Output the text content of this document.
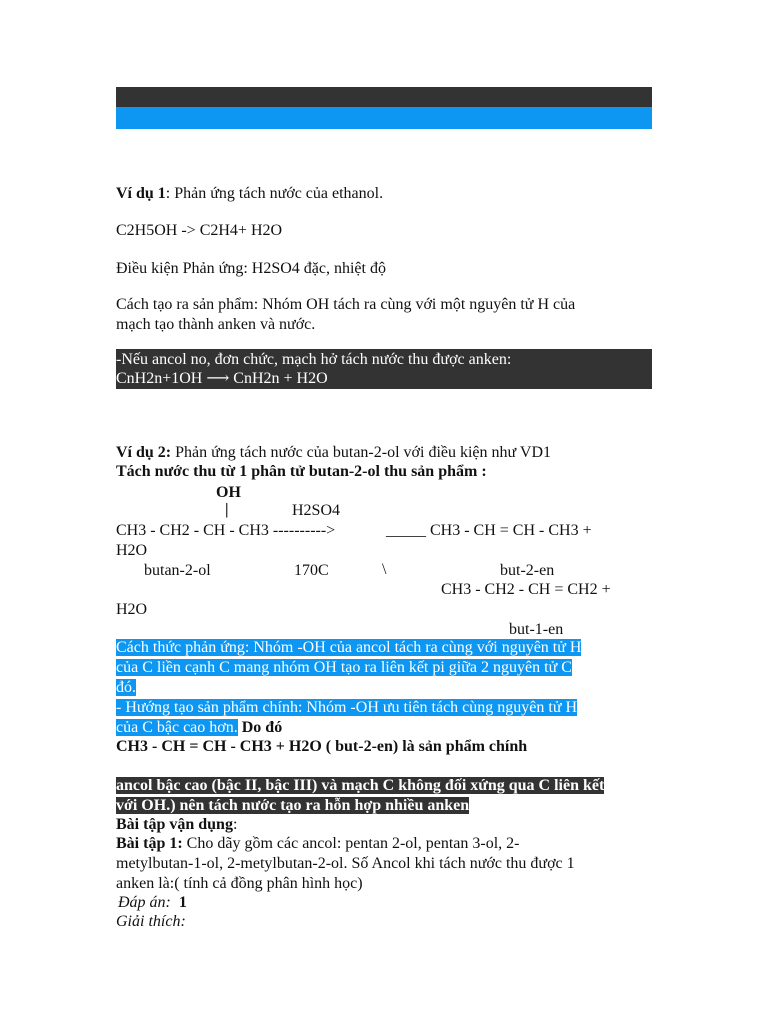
Ví dụ 1: Phản ứng tách nước của ethanol.
C2H5OH -> C2H4+ H2O
Điều kiện Phản ứng: H2SO4 đặc, nhiệt độ
Cách tạo ra sản phẩm: Nhóm OH tách ra cùng với một nguyên tử H của
mạch tạo thành anken và nước.
-Nếu ancol no, đơn chức, mạch hở tách nước thu được anken:
CnH2n+1OH ⟶ CnH2n + H2O
Ví dụ 2: Phản ứng tách nước của butan-2-ol với điều kiện như VD1
Tách nước thu từ 1 phân tử butan-2-ol thu sản phẩm :
OH
|	H2SO4
CH3 - CH2 - CH - CH3 ---------->	_____ CH3 - CH = CH - CH3 +
H2O
butan-2-ol	170C	\	but-2-en
CH3 - CH2 - CH = CH2 +
H2O
but-1-en
Cách thức phản ứng: Nhóm -OH của ancol tách ra cùng với nguyên tử H
của C liền cạnh C mang nhóm OH tạo ra liên kết pi giữa 2 nguyên tử C
đó.
- Hướng tạo sản phẩm chính: Nhóm -OH ưu tiên tách cùng nguyên tử H
của C bậc cao hơn. Do đó
CH3 - CH = CH - CH3 + H2O ( but-2-en) là sản phẩm chính
ancol bậc cao (bậc II, bậc III) và mạch C không đối xứng qua C liên kết
với OH.) nên tách nước tạo ra hỗn hợp nhiều anken
Bài tập vận dụng:
Bài tập 1: Cho dãy gồm các ancol: pentan 2-ol, pentan 3-ol, 2-
metylbutan-1-ol, 2-metylbutan-2-ol. Số Ancol khi tách nước thu được 1
anken là:( tính cả đồng phân hình học)
Đáp án: 1
Giải thích:
